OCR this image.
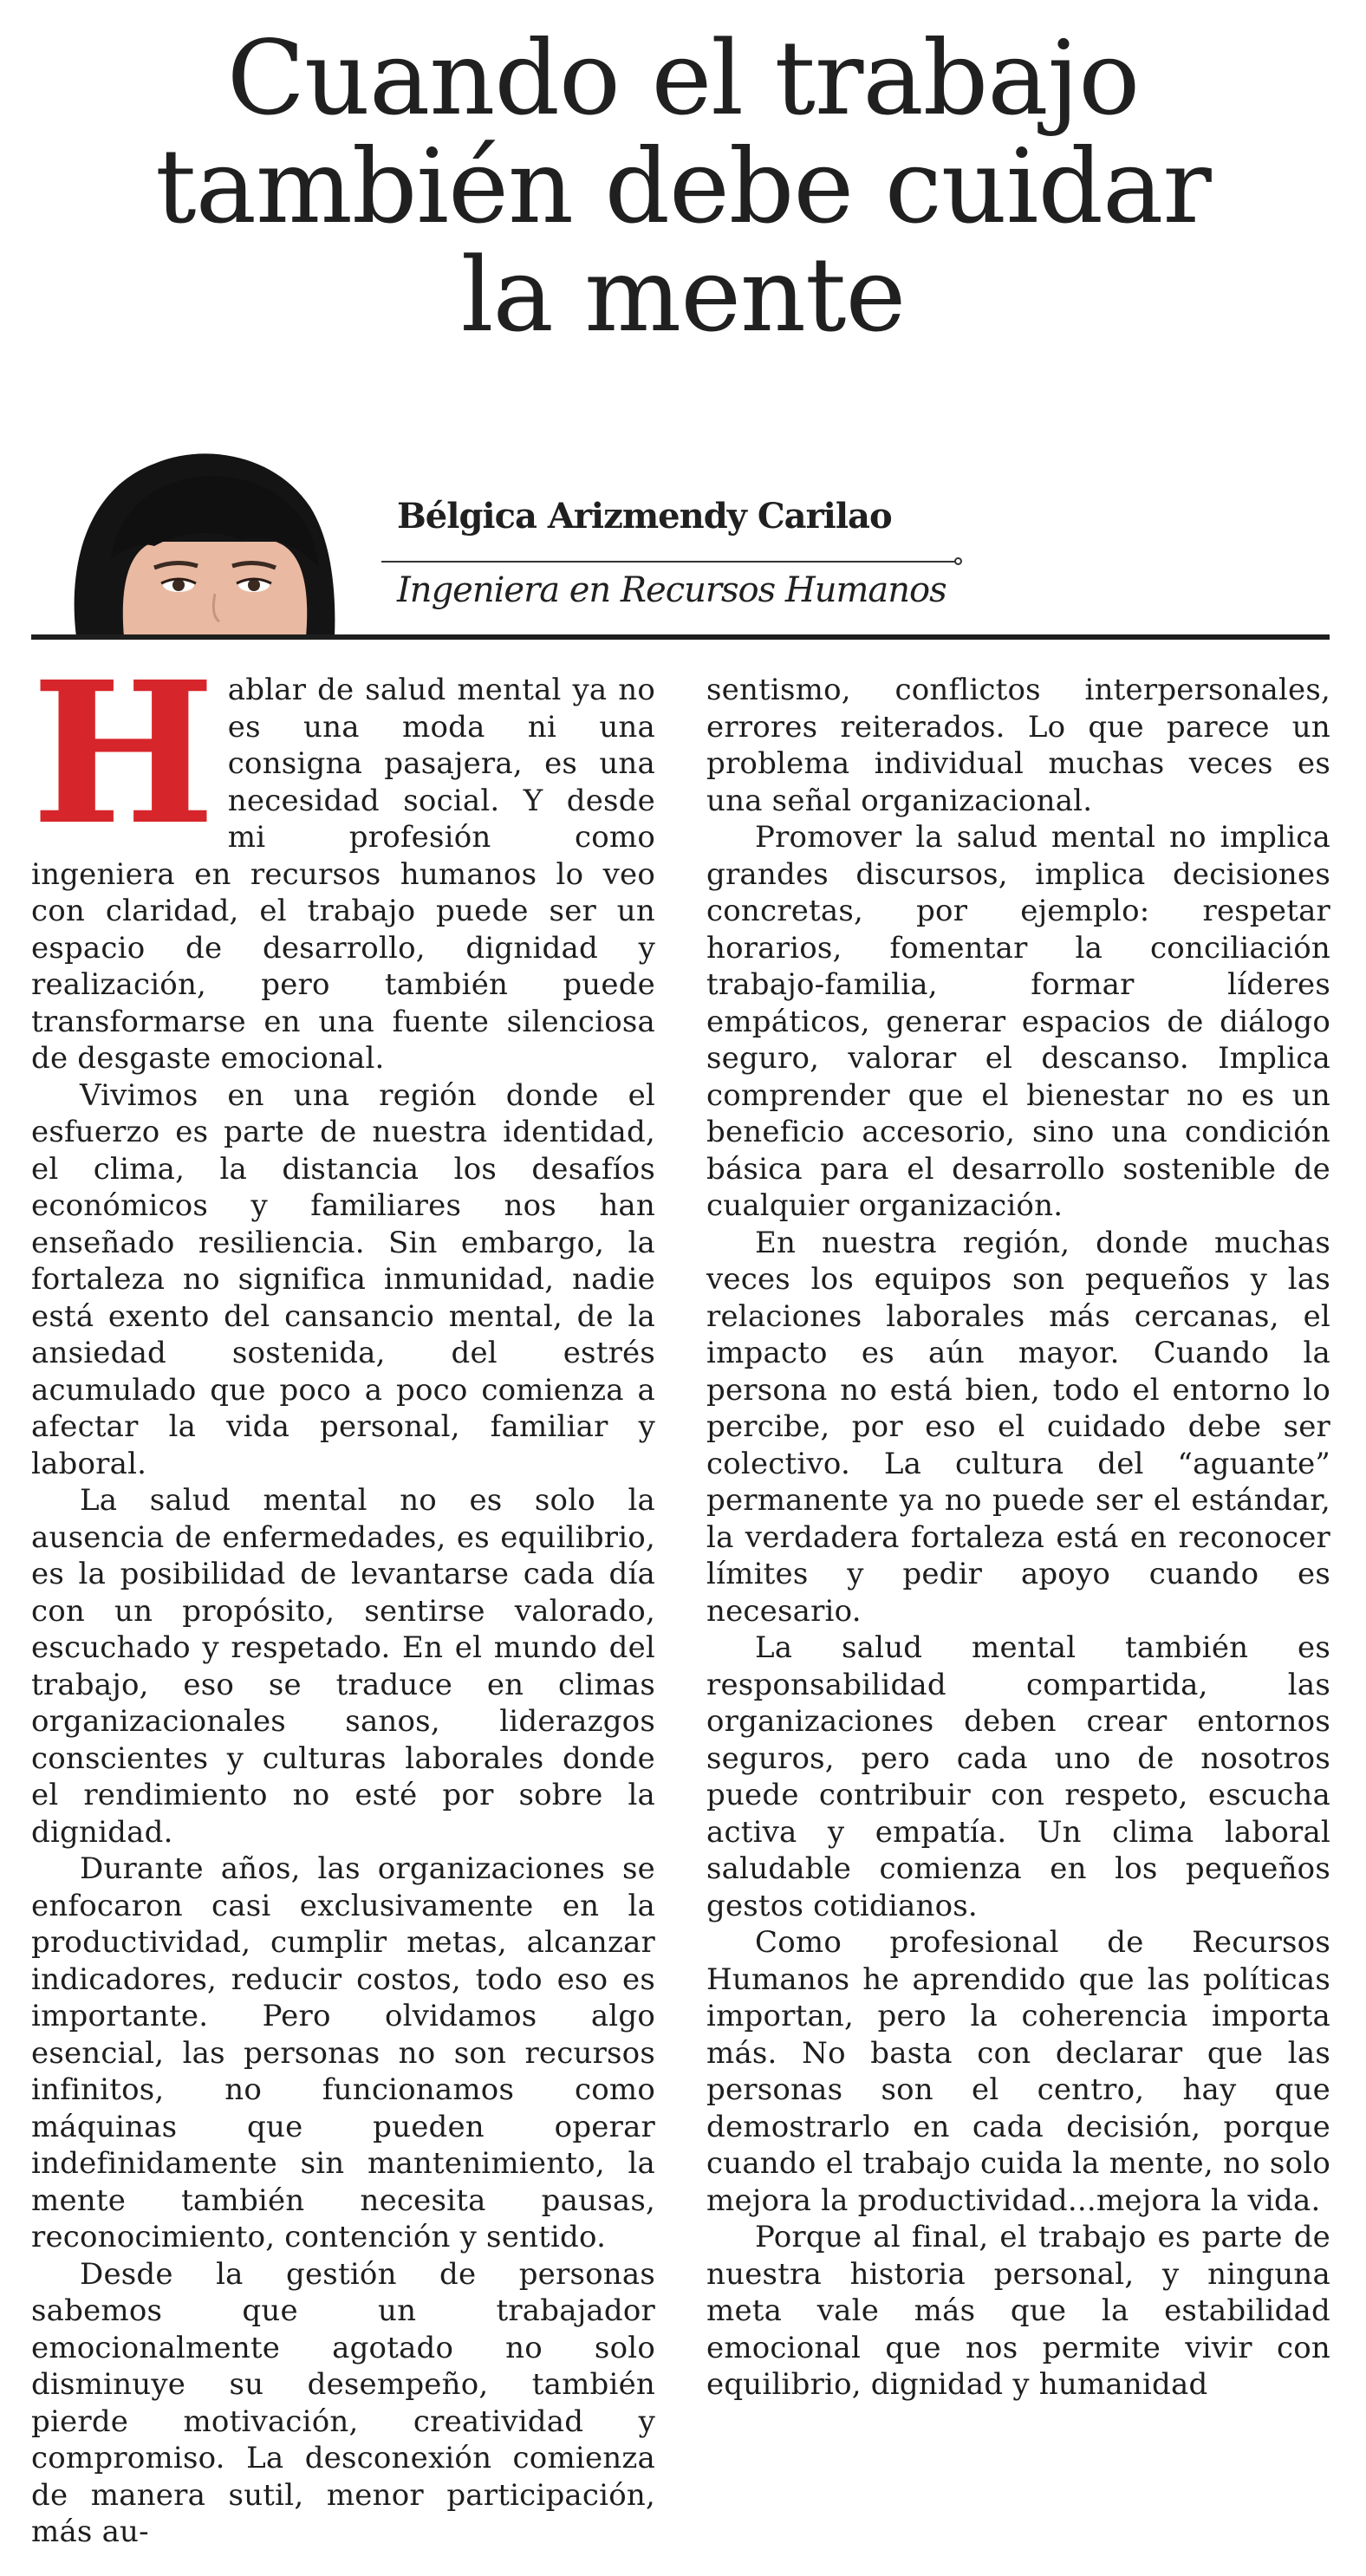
Cuando el trabajo
también debe cuidar
la mente
Bélgica Arizmendy Carilao
Ingeniera en Recursos Humanos

Hablar de salud mental ya no es una moda ni una consigna pasajera, es una necesidad social. Y desde mi profesión como ingeniera en recursos humanos lo veo con claridad, el trabajo puede ser un espacio de desarrollo, dignidad y realización, pero también puede transformarse en una fuente silenciosa de desgaste emocional.

Vivimos en una región donde el esfuerzo es parte de nuestra identidad, el clima, la distancia los desafíos económicos y familiares nos han enseñado resiliencia. Sin embargo, la fortaleza no significa inmunidad, nadie está exento del cansancio mental, de la ansiedad sostenida, del estrés acumulado que poco a poco comienza a afectar la vida personal, familiar y laboral.

La salud mental no es solo la ausencia de enfermedades, es equilibrio, es la posibilidad de levantarse cada día con un propósito, sentirse valorado, escuchado y respetado. En el mundo del trabajo, eso se traduce en climas organizacionales sanos, liderazgos conscientes y culturas laborales donde el rendimiento no esté por sobre la dignidad.

Durante años, las organizaciones se enfocaron casi exclusivamente en la productividad, cumplir metas, alcanzar indicadores, reducir costos, todo eso es importante. Pero olvidamos algo esencial, las personas no son recursos infinitos, no funcionamos como máquinas que pueden operar indefinidamente sin mantenimiento, la mente también necesita pausas, reconocimiento, contención y sentido.

Desde la gestión de personas sabemos que un trabajador emocionalmente agotado no solo disminuye su desempeño, también pierde motivación, creatividad y compromiso. La desconexión comienza de manera sutil, menor participación, más au-

sentismo, conflictos interpersonales, errores reiterados. Lo que parece un problema individual muchas veces es una señal organizacional.

Promover la salud mental no implica grandes discursos, implica decisiones concretas, por ejemplo: respetar horarios, fomentar la conciliación trabajo-familia, formar líderes empáticos, generar espacios de diálogo seguro, valorar el descanso. Implica comprender que el bienestar no es un beneficio accesorio, sino una condición básica para el desarrollo sostenible de cualquier organización.

En nuestra región, donde muchas veces los equipos son pequeños y las relaciones laborales más cercanas, el impacto es aún mayor. Cuando la persona no está bien, todo el entorno lo percibe, por eso el cuidado debe ser colectivo. La cultura del “aguante” permanente ya no puede ser el estándar, la verdadera fortaleza está en reconocer límites y pedir apoyo cuando es necesario.

La salud mental también es responsabilidad compartida, las organizaciones deben crear entornos seguros, pero cada uno de nosotros puede contribuir con respeto, escucha activa y empatía. Un clima laboral saludable comienza en los pequeños gestos cotidianos.

Como profesional de Recursos Humanos he aprendido que las políticas importan, pero la coherencia importa más. No basta con declarar que las personas son el centro, hay que demostrarlo en cada decisión, porque cuando el trabajo cuida la mente, no solo mejora la productividad...mejora la vida.

Porque al final, el trabajo es parte de nuestra historia personal, y ninguna meta vale más que la estabilidad emocional que nos permite vivir con equilibrio, dignidad y humanidad
